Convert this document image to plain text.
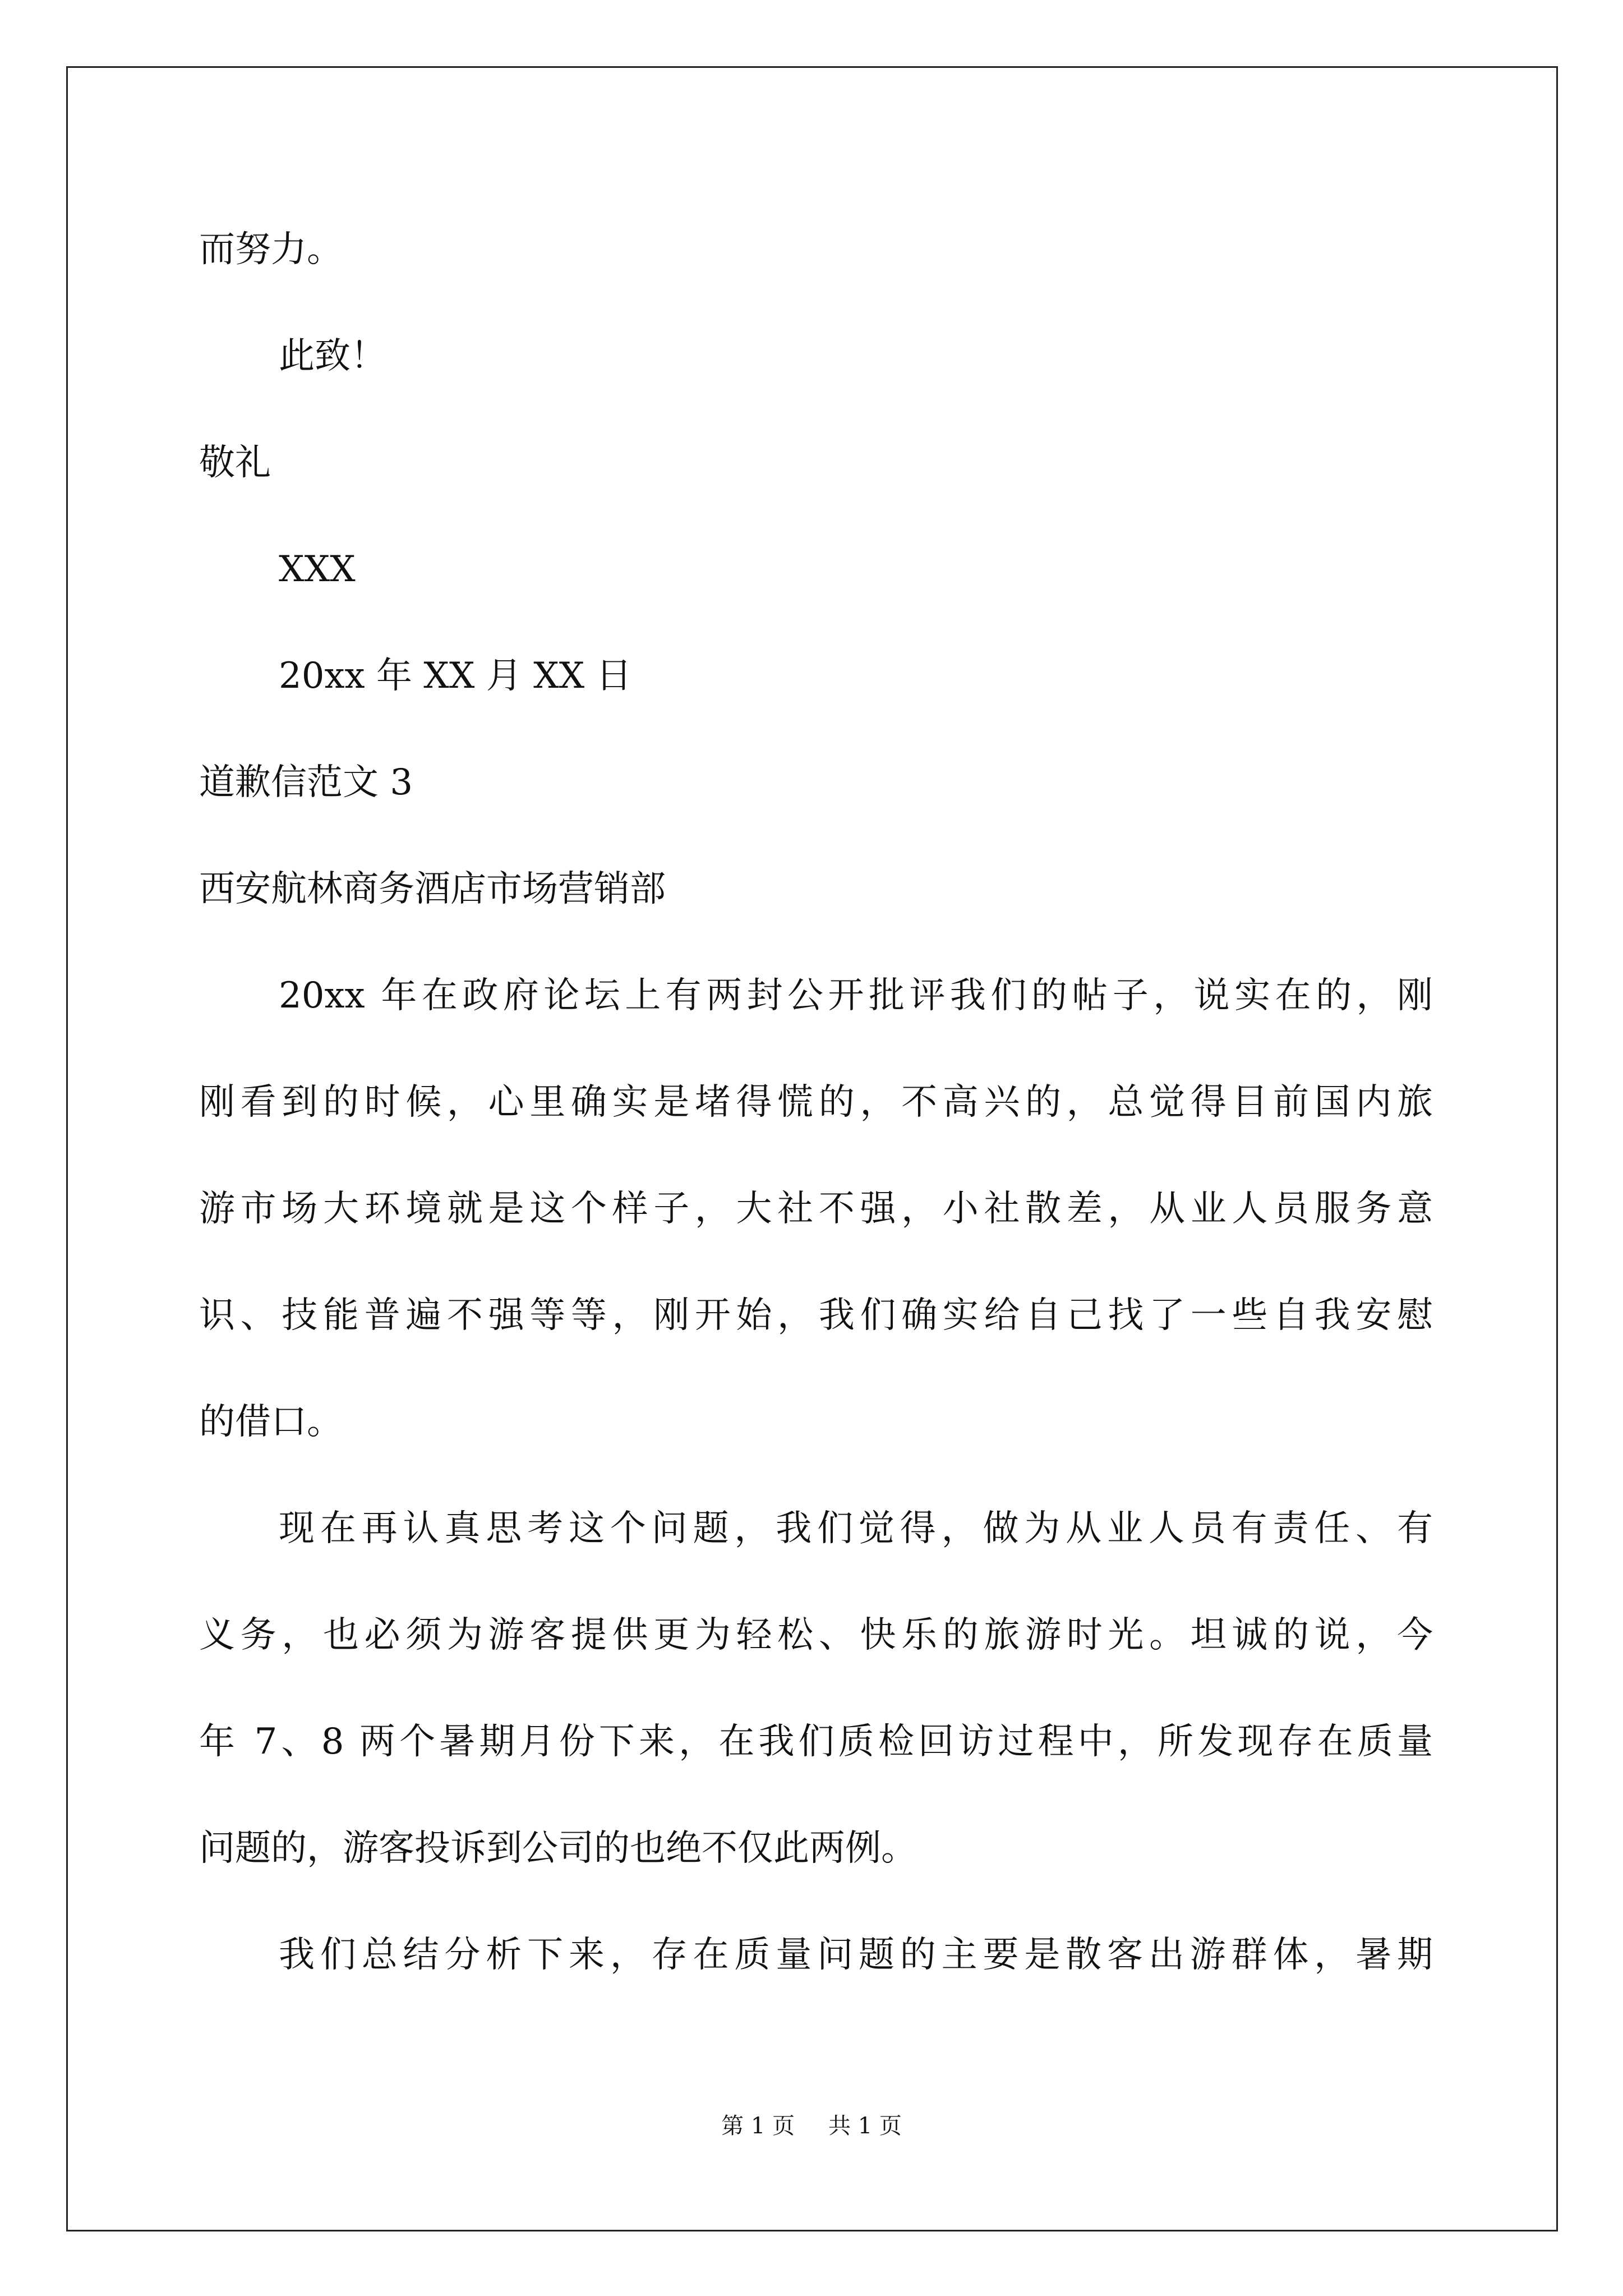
而努力。
此致！
敬礼
XXX
20xx 年 XX 月 XX 日
道歉信范文 3
西安航林商务酒店市场营销部
20xx 年在政府论坛上有两封公开批评我们的帖子，说实在的，刚
刚看到的时候，心里确实是堵得慌的，不高兴的，总觉得目前国内旅
游市场大环境就是这个样子，大社不强，小社散差，从业人员服务意
识、技能普遍不强等等，刚开始，我们确实给自己找了一些自我安慰
的借口。
现在再认真思考这个问题，我们觉得，做为从业人员有责任、有
义务，也必须为游客提供更为轻松、快乐的旅游时光。坦诚的说，今
年 7、8 两个暑期月份下来，在我们质检回访过程中，所发现存在质量
问题的，游客投诉到公司的也绝不仅此两例。
我们总结分析下来，存在质量问题的主要是散客出游群体，暑期
第 1 页 共 1 页
